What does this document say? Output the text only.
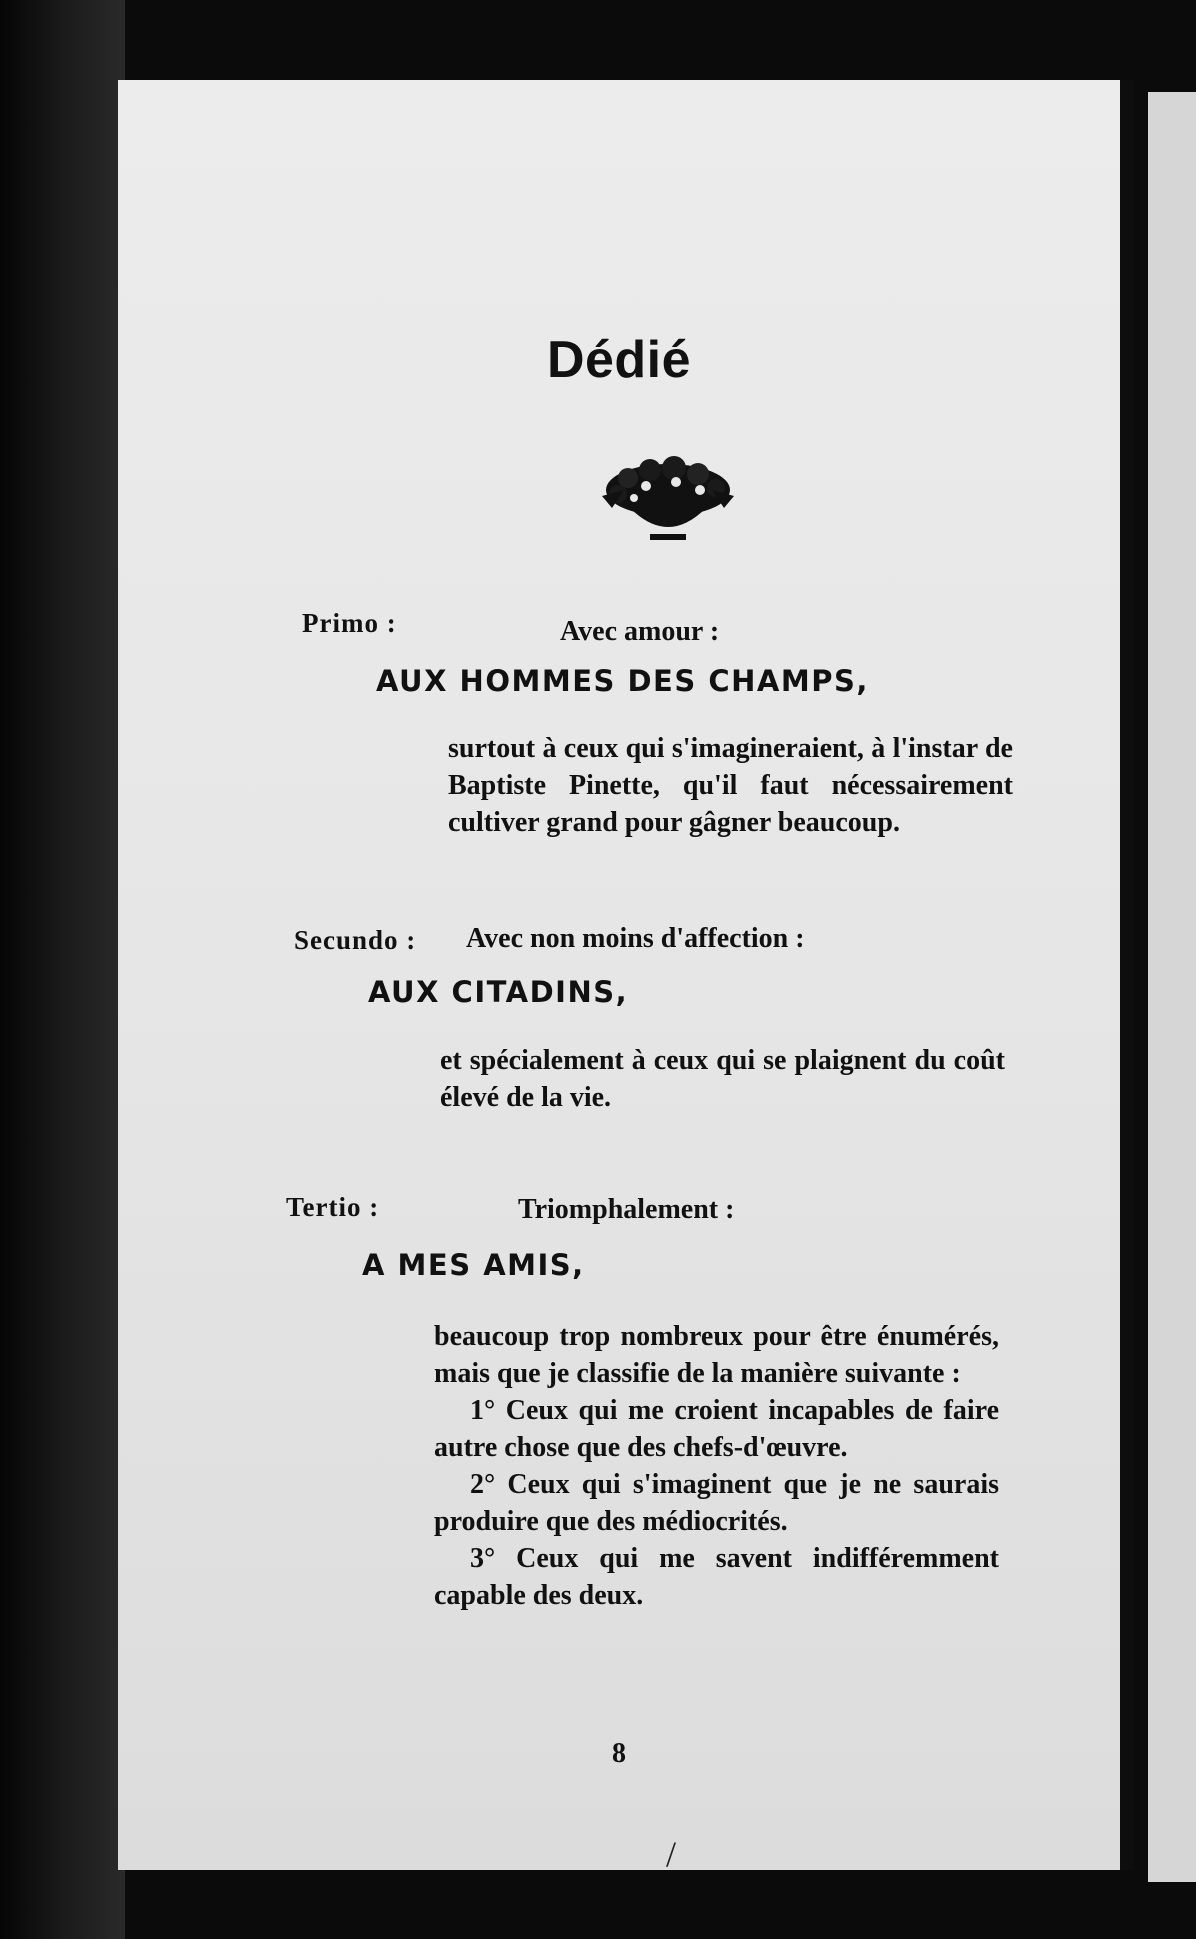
Dédié
Primo :	Avec amour :
AUX HOMMES DES CHAMPS,

surtout à ceux qui s'imagineraient, à l'instar de Baptiste Pinette, qu'il faut nécessairement cultiver grand pour gâgner beaucoup.

Secundo : Avec non moins d'affection :
AUX CITADINS,

et spécialement à ceux qui se plaignent du coût élevé de la vie.

Tertio :	Triomphalement :
A MES AMIS,

beaucoup trop nombreux pour être énumérés, mais que je classifie de la manière suivante :

1° Ceux qui me croient incapables de faire autre chose que des chefs-d'œuvre.

2° Ceux qui s'imaginent que je ne saurais produire que des médiocrités.

3° Ceux qui me savent indifféremment capable des deux.

8
/
